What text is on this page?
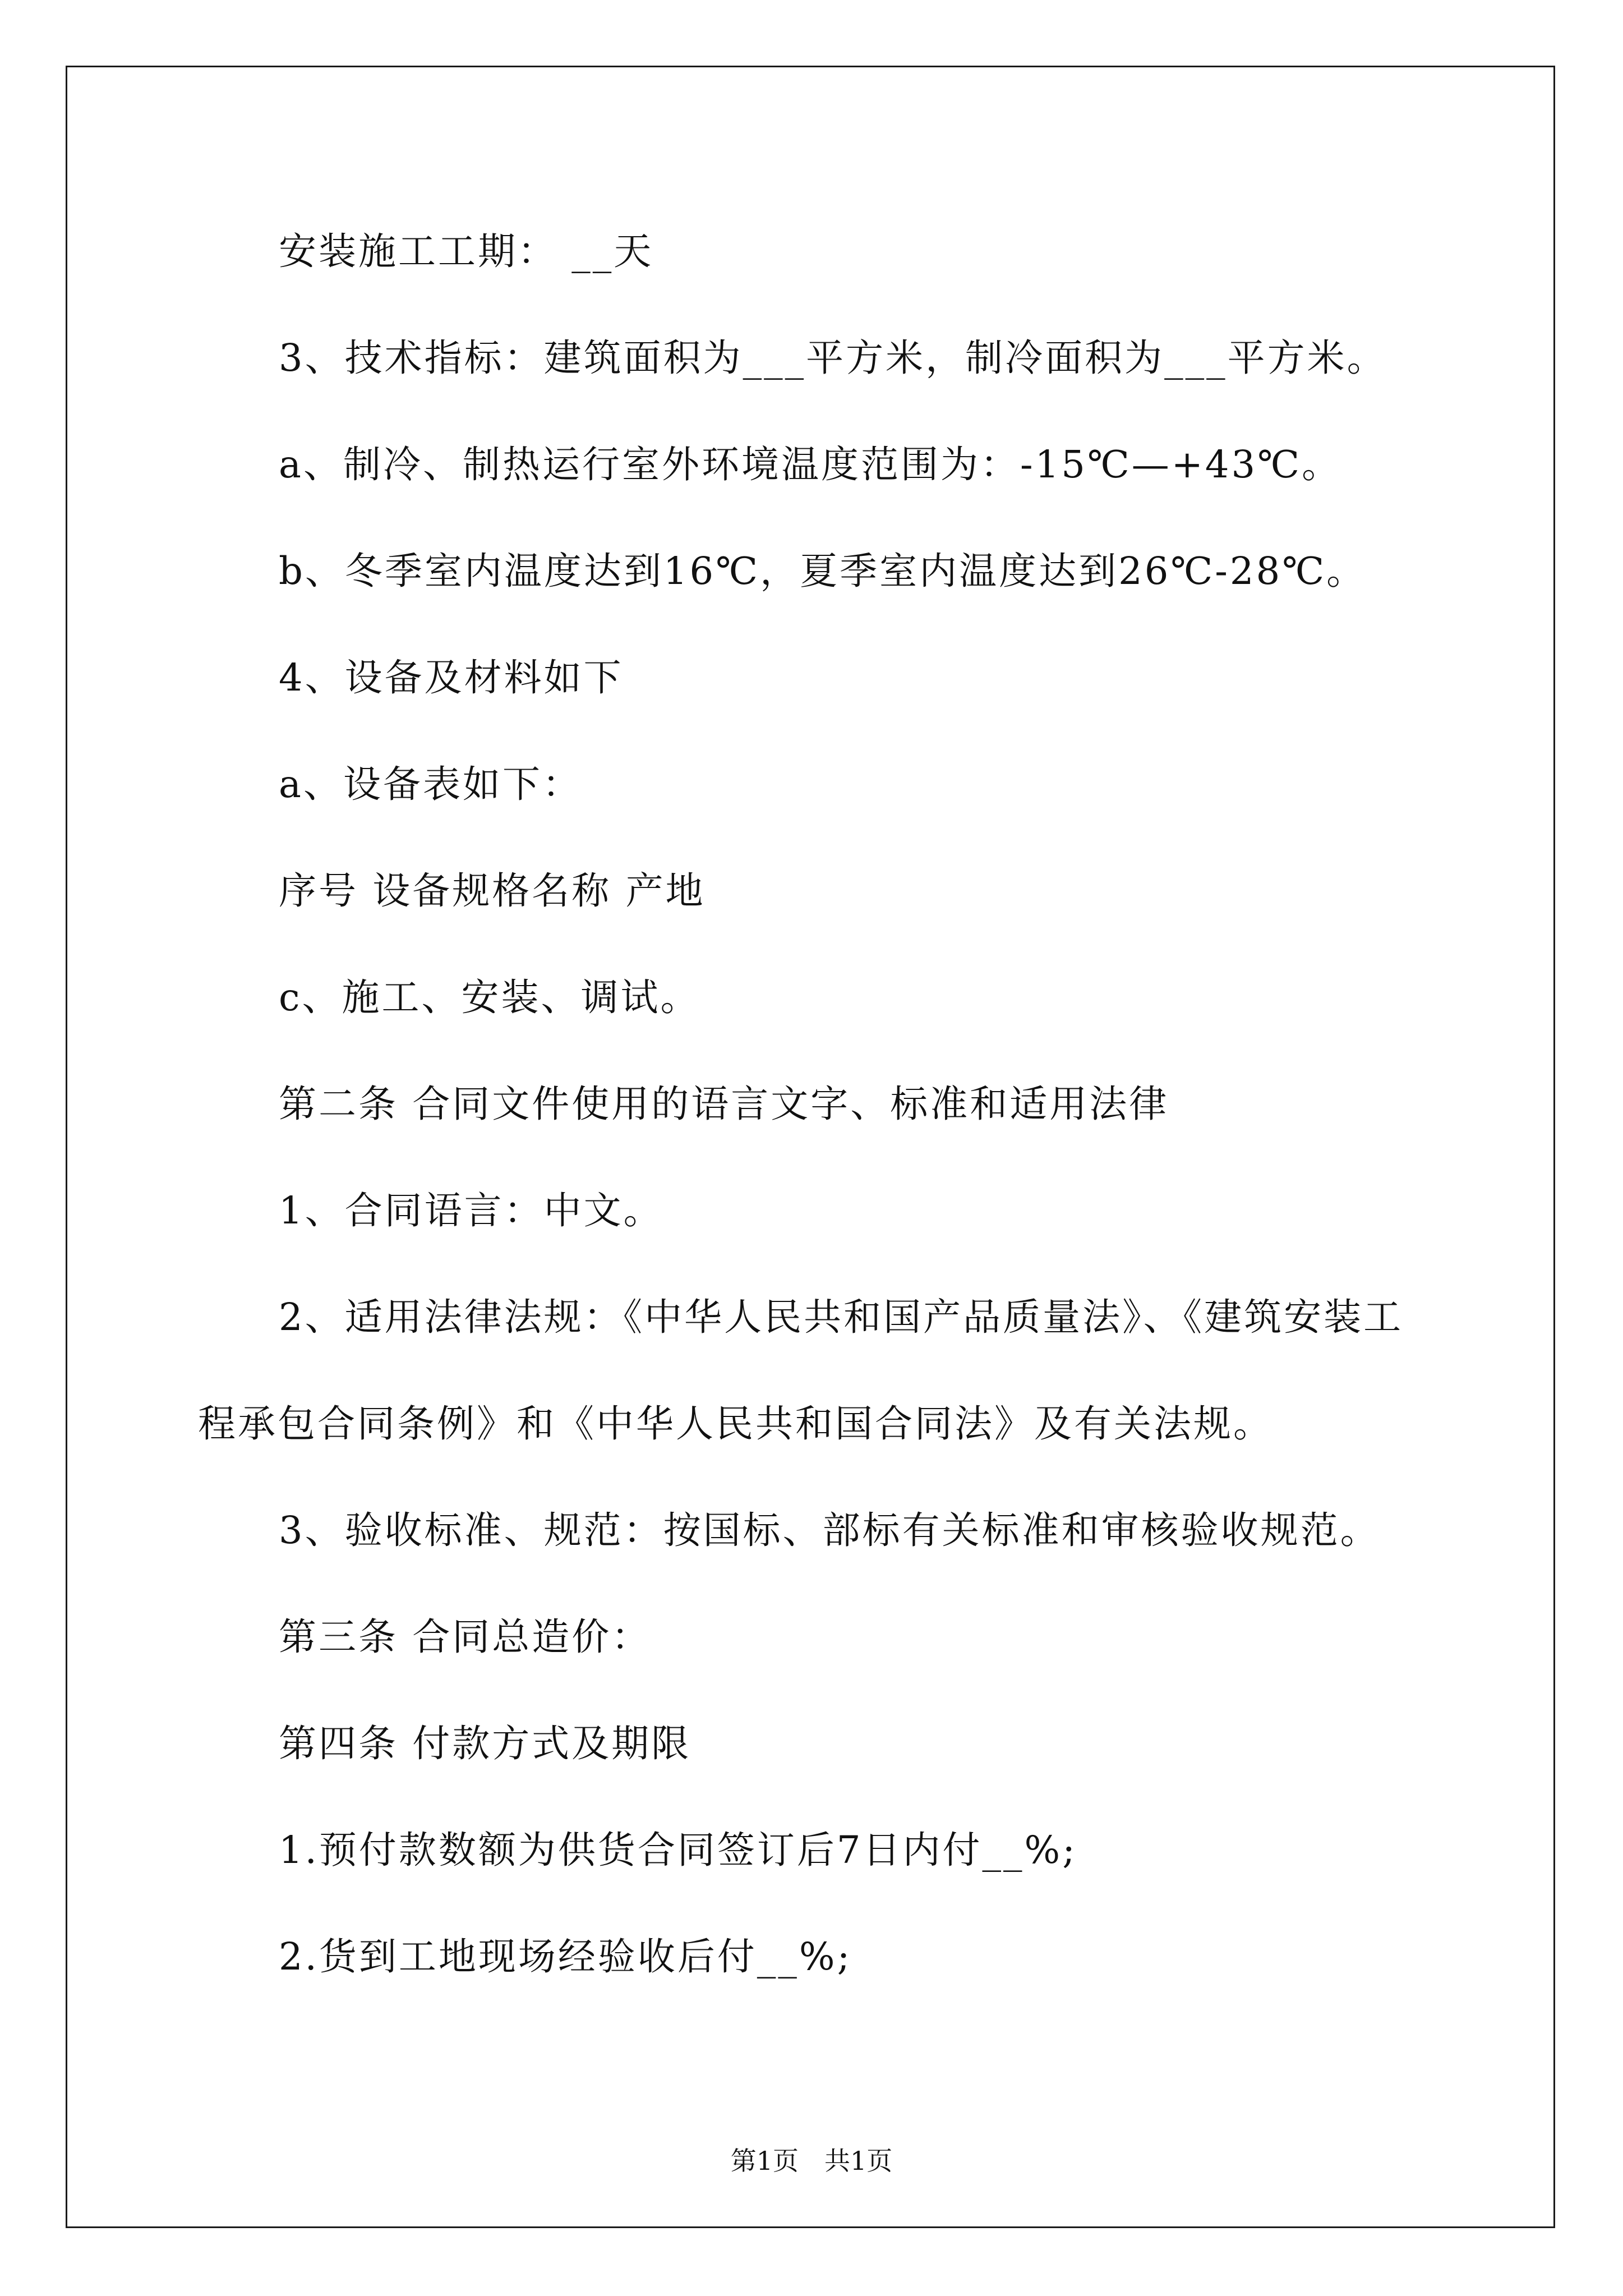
安装施工工期： __天
3、技术指标：建筑面积为___平方米，制冷面积为___平方米。
a、制冷、制热运行室外环境温度范围为：-15℃—+43℃。
b、冬季室内温度达到16℃，夏季室内温度达到26℃-28℃。
4、设备及材料如下
a、设备表如下：
序号 设备规格名称 产地
c、施工、安装、调试。
第二条 合同文件使用的语言文字、标准和适用法律
1、合同语言：中文。
2、适用法律法规：《中华人民共和国产品质量法》、《建筑安装工
程承包合同条例》和《中华人民共和国合同法》及有关法规。
3、验收标准、规范：按国标、部标有关标准和审核验收规范。
第三条 合同总造价：
第四条 付款方式及期限
1.预付款数额为供货合同签订后7日内付__%;
2.货到工地现场经验收后付__%;
第1页　共1页
